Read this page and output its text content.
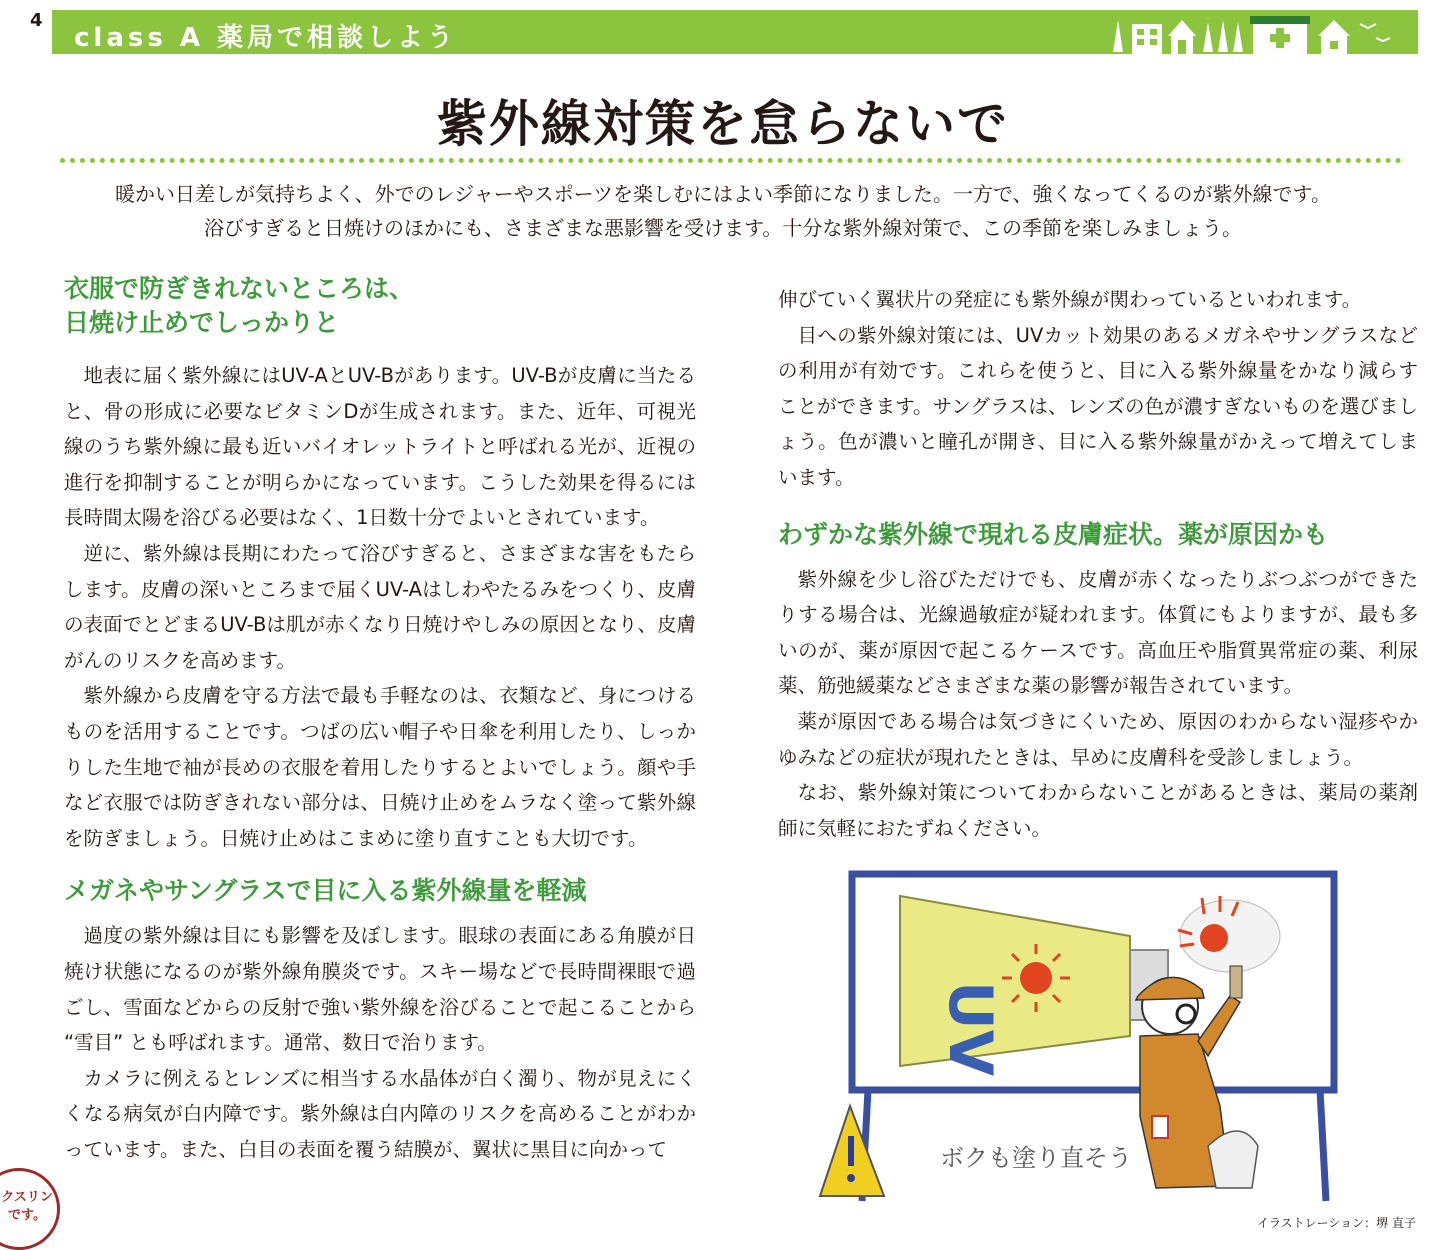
4
class A 薬局で相談しよう
紫外線対策を怠らないで
暖かい日差しが気持ちよく、外でのレジャーやスポーツを楽しむにはよい季節になりました。一方で、強くなってくるのが紫外線です。
浴びすぎると日焼けのほかにも、さまざまな悪影響を受けます。十分な紫外線対策で、この季節を楽しみましょう。
衣服で防ぎきれないところは、
日焼け止めでしっかりと

地表に届く紫外線にはUV-AとUV-Bがあります。UV-Bが皮膚に当たると、骨の形成に必要なビタミンDが生成されます。また、近年、可視光線のうち紫外線に最も近いバイオレットライトと呼ばれる光が、近視の進行を抑制することが明らかになっています。こうした効果を得るには長時間太陽を浴びる必要はなく、1日数十分でよいとされています。

逆に、紫外線は長期にわたって浴びすぎると、さまざまな害をもたらします。皮膚の深いところまで届くUV-Aはしわやたるみをつくり、皮膚の表面でとどまるUV-Bは肌が赤くなり日焼けやしみの原因となり、皮膚がんのリスクを高めます。

紫外線から皮膚を守る方法で最も手軽なのは、衣類など、身につけるものを活用することです。つばの広い帽子や日傘を利用したり、しっかりした生地で袖が長めの衣服を着用したりするとよいでしょう。顔や手など衣服では防ぎきれない部分は、日焼け止めをムラなく塗って紫外線を防ぎましょう。日焼け止めはこまめに塗り直すことも大切です。

メガネやサングラスで目に入る紫外線量を軽減

過度の紫外線は目にも影響を及ぼします。眼球の表面にある角膜が日焼け状態になるのが紫外線角膜炎です。スキー場などで長時間裸眼で過ごし、雪面などからの反射で強い紫外線を浴びることで起こることから “雪目” とも呼ばれます。通常、数日で治ります。

カメラに例えるとレンズに相当する水晶体が白く濁り、物が見えにくくなる病気が白内障です。紫外線は白内障のリスクを高めることがわかっています。また、白目の表面を覆う結膜が、翼状に黒目に向かって

伸びていく翼状片の発症にも紫外線が関わっているといわれます。

目への紫外線対策には、UVカット効果のあるメガネやサングラスなどの利用が有効です。これらを使うと、目に入る紫外線量をかなり減らすことができます。サングラスは、レンズの色が濃すぎないものを選びましょう。色が濃いと瞳孔が開き、目に入る紫外線量がかえって増えてしまいます。

わずかな紫外線で現れる皮膚症状。薬が原因かも

紫外線を少し浴びただけでも、皮膚が赤くなったりぶつぶつができたりする場合は、光線過敏症が疑われます。体質にもよりますが、最も多いのが、薬が原因で起こるケースです。高血圧や脂質異常症の薬、利尿薬、筋弛緩薬などさまざまな薬の影響が報告されています。

薬が原因である場合は気づきにくいため、原因のわからない湿疹やかゆみなどの症状が現れたときは、早めに皮膚科を受診しましょう。

なお、紫外線対策についてわからないことがあるときは、薬局の薬剤師に気軽におたずねください。

UV
ボクも塗り直そう
イラストレーション：堺 直子
クスリン
です。
